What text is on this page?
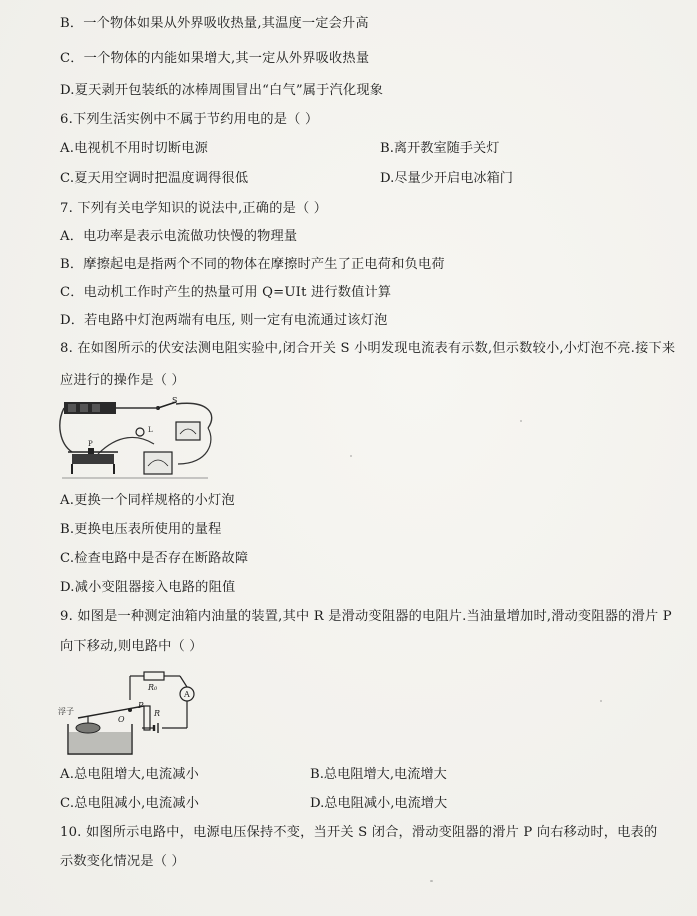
B．一个物体如果从外界吸收热量,其温度一定会升高
C．一个物体的内能如果增大,其一定从外界吸收热量
D.夏天剥开包装纸的冰棒周围冒出“白气”属于汽化现象
6.下列生活实例中不属于节约用电的是（ ）
A.电视机不用时切断电源	B.离开教室随手关灯
C.夏天用空调时把温度调得很低	D.尽量少开启电冰箱门
7. 下列有关电学知识的说法中,正确的是（ ）
A．电功率是表示电流做功快慢的物理量
B．摩擦起电是指两个不同的物体在摩擦时产生了正电荷和负电荷
C．电动机工作时产生的热量可用 Q=UIt 进行数值计算
D．若电路中灯泡两端有电压, 则一定有电流通过该灯泡
8. 在如图所示的伏安法测电阻实验中,闭合开关 S 小明发现电流表有示数,但示数较小,小灯泡不亮.接下来
应进行的操作是（ ）
S
L
P
A.更换一个同样规格的小灯泡
B.更换电压表所使用的量程
C.检查电路中是否存在断路故障
D.减小变阻器接入电路的阻值
9. 如图是一种测定油箱内油量的装置,其中 R 是滑动变阻器的电阻片.当油量增加时,滑动变阻器的滑片 P
向下移动,则电路中（ ）
R₀
A
R
P
O
浮子
A.总电阻增大,电流减小	B.总电阻增大,电流增大
C.总电阻减小,电流减小	D.总电阻减小,电流增大
10. 如图所示电路中，电源电压保持不变，当开关 S 闭合，滑动变阻器的滑片 P 向右移动时，电表的
示数变化情况是（ ）
